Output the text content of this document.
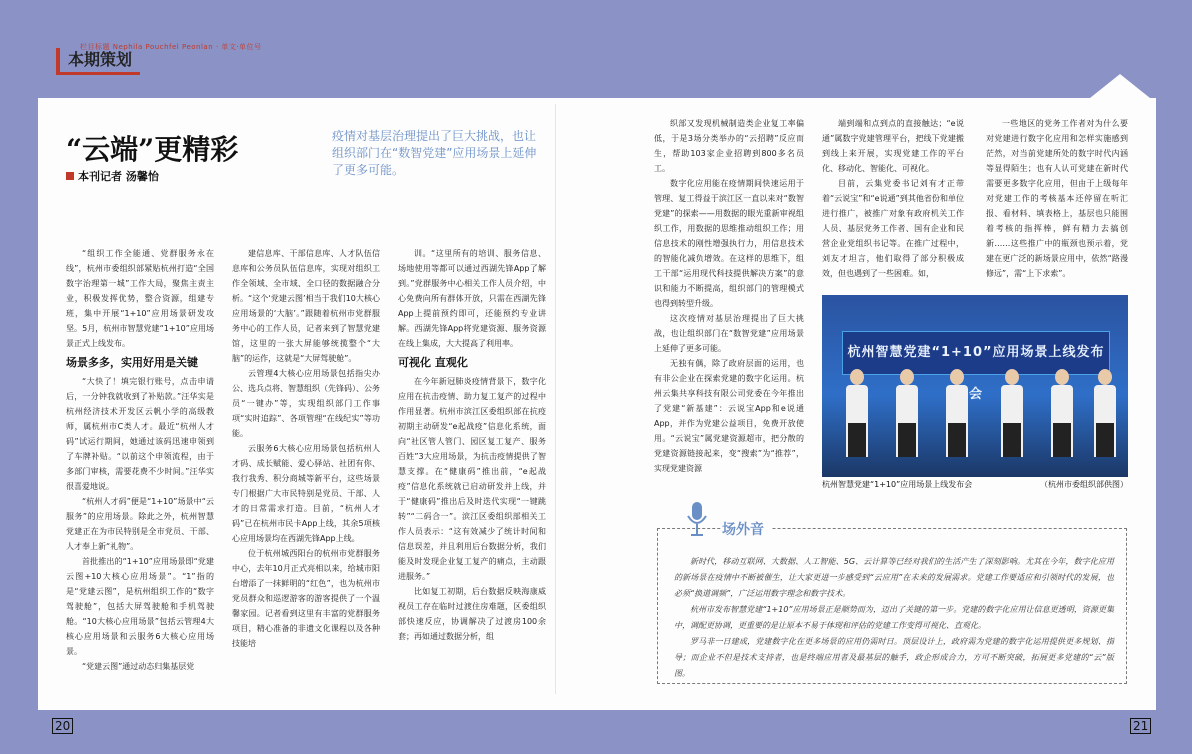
栏目标题 Nephila Pouchfel Peonlan · 单文·单位号
本期策划
“云端”更精彩
本刊记者 汤馨怡
疫情对基层治理提出了巨大挑战，也让组织部门在“数智党建”应用场景上延伸了更多可能。

“组织工作全能通、党群服务永在线”，杭州市委组织部紧贴杭州打造“全国数字治理第一城”工作大局，聚焦主责主业，积极发挥优势，整合资源，组建专班，集中开展“1+10”应用场景研发攻坚。5月，杭州市智慧党建“1+10”应用场景正式上线发布。

场景多多，实用好用是关键

“大快了！填完银行账号，点击申请后，一分钟我就收到了补贴款。”汪华实是杭州经济技术开发区云帆小学的高级教师，属杭州市C类人才。最近“杭州人才码”试运行期间，她通过该码迅速申领到了车牌补贴。“以前这个申领流程，由于多部门审核，需要花费不少时间。”汪华实很喜爱地说。

“杭州人才码”便是“1+10”场景中“云服务”的应用场景。除此之外，杭州智慧党建正在为市民特别是全市党员、干部、人才奉上新“礼物”。

首批推出的“1+10”应用场景即“党建云图+10大核心应用场景”。“1”指的是“党建云图”，是杭州组织工作的“数字驾驶舱”，包括大屏驾驶舱和手机驾驶舱。“10大核心应用场景”包括云管理4大核心应用场景和云服务6大核心应用场景。

“党建云图”通过动态归集基层党

建信息库、干部信息库、人才队伍信息库和公务员队伍信息库，实现对组织工作全领域、全市域、全口径的数据融合分析。“这个‘党建云图’相当于我们10大核心应用场景的‘大脑’。”跟随着杭州市党群服务中心的工作人员，记者来到了智慧党建馆，这里的一张大屏能够统揽整个“大脑”的运作，这就是“大屏驾驶舱”。

云管理4大核心应用场景包括指尖办公、选兵点将、智慧组织（先锋码）、公务员“一键办”等，实现组织部门工作事项“实时追踪”、各项管理“在线纪实”等功能。

云服务6大核心应用场景包括杭州人才码、成长赋能、爱心驿站、社团有你、我行我秀、积分商城等新平台，这些场景专门根据广大市民特别是党员、干部、人才的日常需求打造。目前，“杭州人才码”已在杭州市民卡App上线，其余5项核心应用场景均在西湖先锋App上线。

位于杭州城西阳台的杭州市党群服务中心，去年10月正式亮相以来，给城市阳台增添了一抹鲜明的“红色”，也为杭州市党员群众和巡逻游客的游客提供了一个温馨家园。记者看到这里有丰富的党群服务项目，精心准备的非遗文化课程以及各种技能培

训。“这里所有的培训、服务信息、场地使用等都可以通过西湖先锋App了解到。”党群服务中心相关工作人员介绍，中心免费向所有群体开放，只需在西湖先锋App上提前预约即可，还能预约专业讲解。西湖先锋App将党建资源、服务资源在线上集成，大大提高了利用率。

可视化 直观化

在今年新冠肺炎疫情背景下，数字化应用在抗击疫情、助力复工复产的过程中作用显著。杭州市滨江区委组织部在抗疫初期主动研发“e起战疫”信息化系统，面向“社区管人管门、园区复工复产、服务百姓”3大应用场景，为抗击疫情提供了智慧支撑。在“健康码”推出前，“e起战疫”信息化系统就已启动研发并上线，并于“健康码”推出后及时迭代实现“一键跳转”“二码合一”。滨江区委组织部相关工作人员表示：“这有效减少了统计时间和信息误差，并且利用后台数据分析，我们能及时发现企业复工复产的痛点，主动跟进服务。”

比如复工初期，后台数据反映海康威视员工存在临时过渡住房难题，区委组织部快速反应，协调解决了过渡房100余套；再如通过数据分析，组

织部又发现机械制造类企业复工率偏低，于是3场分类举办的“云招聘”反应而生，帮助103家企业招聘到800多名员工。

数字化应用能在疫情期间快速运用于管理、复工得益于滨江区一直以来对“数智党建”的探索——用数据的眼光重新审视组织工作，用数据的思维推动组织工作；用信息技术的刚性增强执行力，用信息技术的智能化减负增效。在这样的思维下，组工干部“运用现代科技提供解决方案”的意识和能力不断提高，组织部门的管理模式也得到转型升级。

这次疫情对基层治理提出了巨大挑战，也让组织部门在“数智党建”应用场景上延伸了更多可能。

无独有偶，除了政府层面的运用，也有非公企业在探索党建的数字化运用。杭州云集共享科技有限公司党委在今年推出了党建“新基建”：云说宝App和e说通App，并作为党建公益项目，免费开放使用。“云说宝”属党建资源超市，把分散的党建资源链接起来，变“搜索”为“推荐”，实现党建资源

端到端和点到点的直接触达；“e说通”属数字党建管理平台，把线下党建搬到线上来开展，实现党建工作的平台化、移动化、智能化、可视化。

目前，云集党委书记刘有才正带着“云说宝”和“e说通”到其他省份和单位进行推广，被推广对象有政府机关工作人员、基层党务工作者、国有企业和民营企业党组织书记等。在推广过程中，刘友才坦言，他们取得了部分积极成效，但也遇到了一些困难。如，

一些地区的党务工作者对为什么要对党建进行数字化应用和怎样实施感到茫然，对当前党建所处的数字时代内涵等显得陌生；也有人认可党建在新时代需要更多数字化应用，但由于上级每年对党建工作的考核基本还停留在听汇报、看材料、填表格上，基层也只能围着考核的指挥棒，鲜有精力去搞创新……这些推广中的瓶颈也预示着，党建在更广泛的新场景应用中，依然“路漫修远”，需“上下求索”。

杭州智慧党建“1+10”应用场景上线发布会
杭州智慧党建“1+10”应用场景上线发布会	（杭州市委组织部供图）
场外音

新时代，移动互联网、大数据、人工智能、5G、云计算等已经对我们的生活产生了深刻影响。尤其在今年，数字化应用的新场景在疫情中不断被催生，让大家更进一步感受到“云应用”在未来的发展需求。党建工作要适应和引领时代的发展，也必须“换道调频”，广泛运用数字理念和数字技术。

杭州市发布智慧党建“1+10”应用场景正是顺势而为，迈出了关键的第一步。党建的数字化应用让信息更透明，资源更集中，调配更协调，更重要的是让原本不易于体现和评估的党建工作变得可视化、直观化。

罗马非一日建成，党建数字化在更多场景的应用仍需时日。顶层设计上，政府需为党建的数字化运用提供更多规划、指导；而企业不但是技术支持者，也是终端应用者及最基层的触手，政企形成合力，方可不断突破，拓展更多党建的“云”版图。

20	21
